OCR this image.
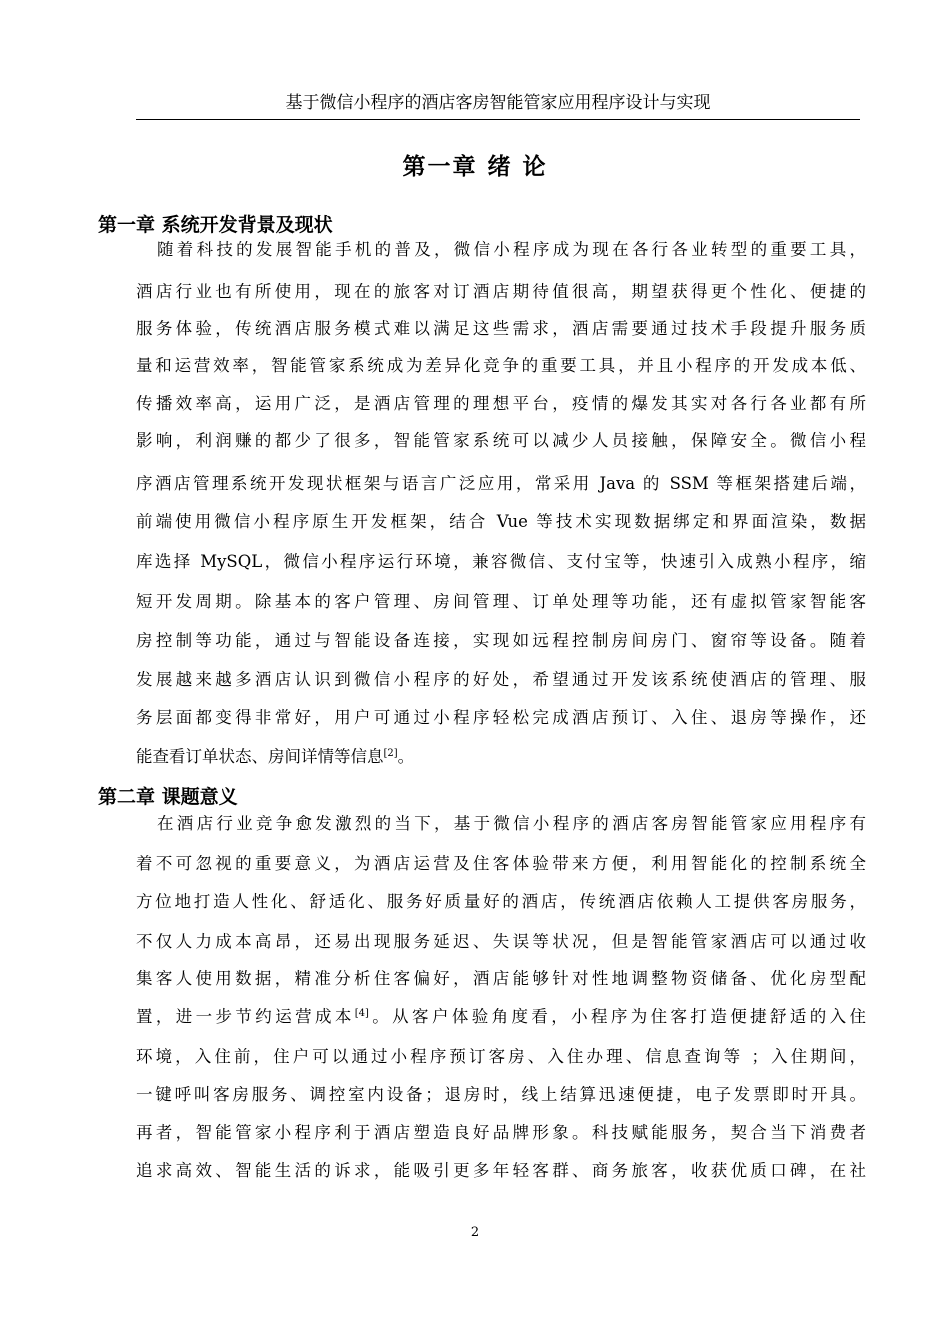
基于微信小程序的酒店客房智能管家应用程序设计与实现
第一章 绪 论
第一章 系统开发背景及现状
随着科技的发展智能手机的普及，微信小程序成为现在各行各业转型的重要工具，
酒店行业也有所使用，现在的旅客对订酒店期待值很高，期望获得更个性化、便捷的
服务体验，传统酒店服务模式难以满足这些需求，酒店需要通过技术手段提升服务质
量和运营效率，智能管家系统成为差异化竞争的重要工具，并且小程序的开发成本低、
传播效率高，运用广泛，是酒店管理的理想平台，疫情的爆发其实对各行各业都有所
影响，利润赚的都少了很多，智能管家系统可以减少人员接触，保障安全。微信小程
序酒店管理系统开发现状框架与语言广泛应用，常采用 Java 的 SSM 等框架搭建后端，
前端使用微信小程序原生开发框架，结合 Vue 等技术实现数据绑定和界面渲染，数据
库选择 MySQL，微信小程序运行环境，兼容微信、支付宝等，快速引入成熟小程序，缩
短开发周期。除基本的客户管理、房间管理、订单处理等功能，还有虚拟管家智能客
房控制等功能，通过与智能设备连接，实现如远程控制房间房门、窗帘等设备。随着
发展越来越多酒店认识到微信小程序的好处，希望通过开发该系统使酒店的管理、服
务层面都变得非常好，用户可通过小程序轻松完成酒店预订、入住、退房等操作，还
能查看订单状态、房间详情等信息[2]。
第二章 课题意义
在酒店行业竞争愈发激烈的当下，基于微信小程序的酒店客房智能管家应用程序有
着不可忽视的重要意义，为酒店运营及住客体验带来方便，利用智能化的控制系统全
方位地打造人性化、舒适化、服务好质量好的酒店，传统酒店依赖人工提供客房服务，
不仅人力成本高昂，还易出现服务延迟、失误等状况，但是智能管家酒店可以通过收
集客人使用数据，精准分析住客偏好，酒店能够针对性地调整物资储备、优化房型配
置，进一步节约运营成本[4]。从客户体验角度看，小程序为住客打造便捷舒适的入住
环境，入住前，住户可以通过小程序预订客房、入住办理、信息查询等 ；入住期间，
一键呼叫客房服务、调控室内设备；退房时，线上结算迅速便捷，电子发票即时开具。
再者，智能管家小程序利于酒店塑造良好品牌形象。科技赋能服务，契合当下消费者
追求高效、智能生活的诉求，能吸引更多年轻客群、商务旅客，收获优质口碑，在社
2
